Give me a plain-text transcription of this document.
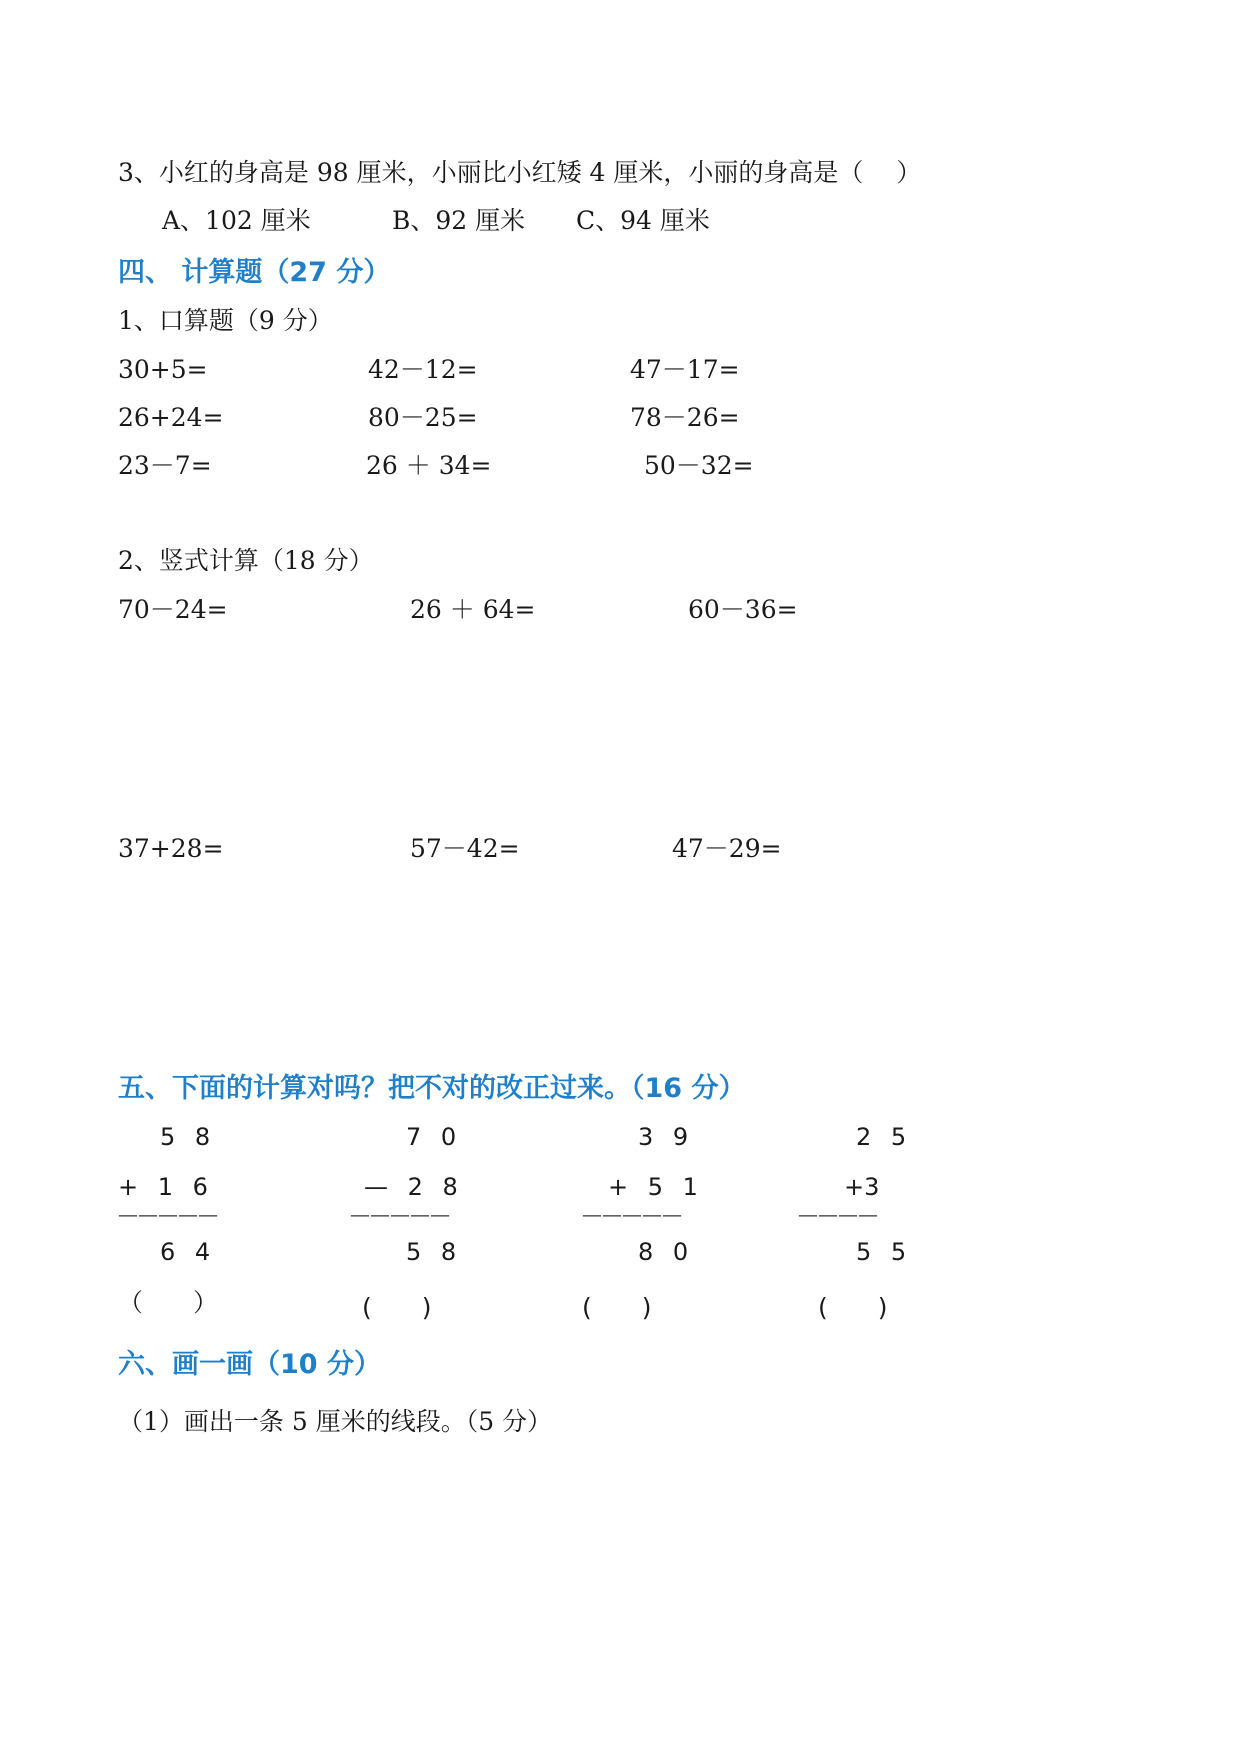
3、小红的身高是 98 厘米，小丽比小红矮 4 厘米，小丽的身高是（　 ）
A、102 厘米	B、92 厘米 C、94 厘米
四、 计算题（27 分）
1、口算题（9 分）
30+5=	42－12=	47－17=
26+24=	80－25=	78－26=
23－7=	26 ＋ 34=	50－32=
2、竖式计算（18 分）
70－24=	26 ＋ 64=	60－36=
37+28=	57－42=	47－29=
五、下面的计算对吗？把不对的改正过来。（16 分）
5 8
+ 1 6
—————
6 4
（　　）
7 0
— 2 8
—————
5 8
(　　)
3 9
+ 5 1
—————
8 0
(　　)
2 5
+3
————
5 5
(　　)
六、画一画（10 分）
（1）画出一条 5 厘米的线段。（5 分）
